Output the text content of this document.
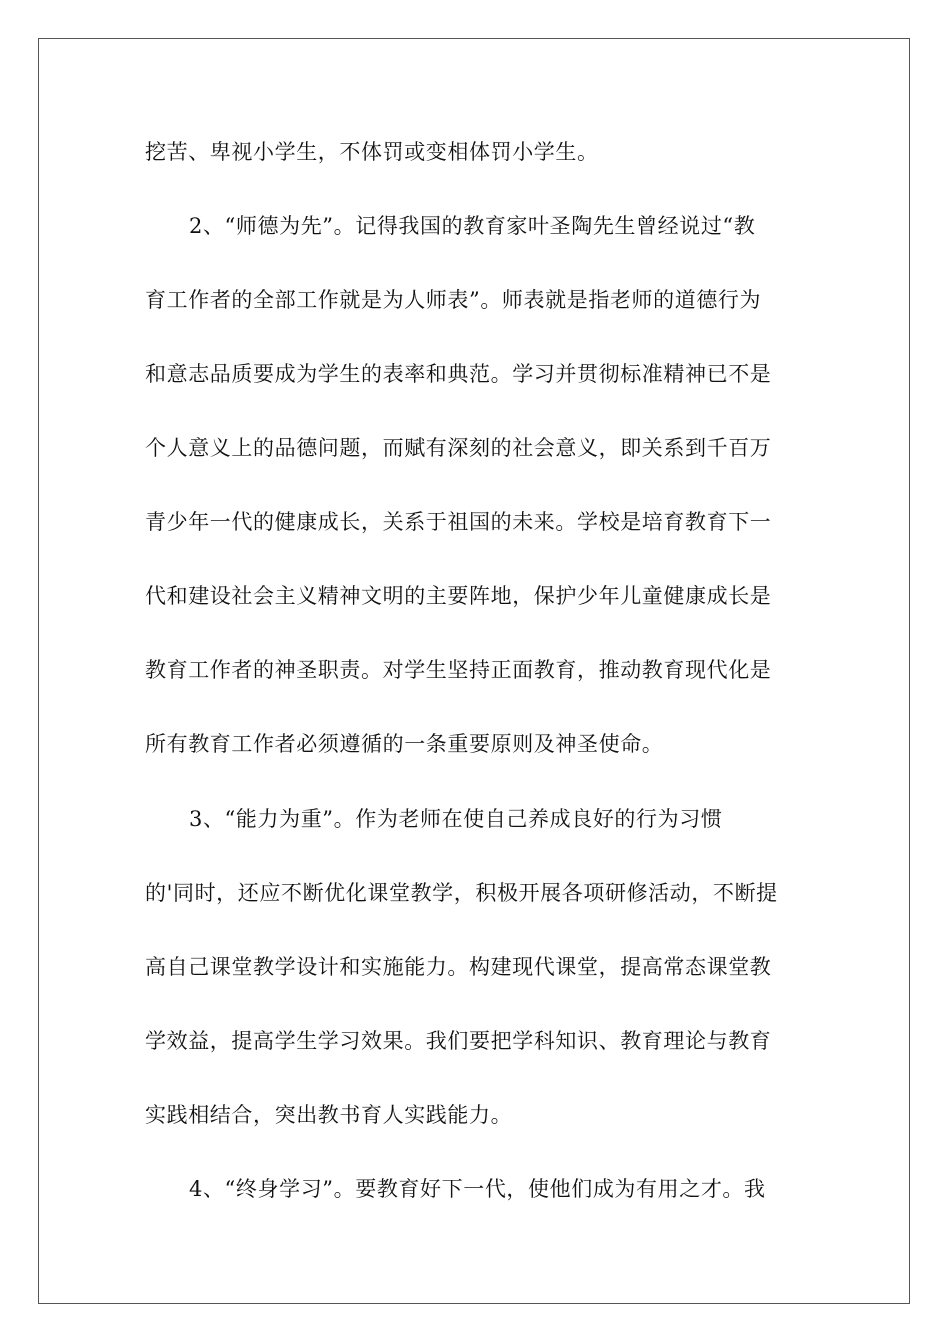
挖苦、卑视小学生，不体罚或变相体罚小学生。
2、“师德为先”。记得我国的教育家叶圣陶先生曾经说过“教
育工作者的全部工作就是为人师表”。师表就是指老师的道德行为
和意志品质要成为学生的表率和典范。学习并贯彻标准精神已不是
个人意义上的品德问题，而赋有深刻的社会意义，即关系到千百万
青少年一代的健康成长，关系于祖国的未来。学校是培育教育下一
代和建设社会主义精神文明的主要阵地，保护少年儿童健康成长是
教育工作者的神圣职责。对学生坚持正面教育，推动教育现代化是
所有教育工作者必须遵循的一条重要原则及神圣使命。
3、“能力为重”。作为老师在使自己养成良好的行为习惯
的'同时，还应不断优化课堂教学，积极开展各项研修活动，不断提
高自己课堂教学设计和实施能力。构建现代课堂，提高常态课堂教
学效益，提高学生学习效果。我们要把学科知识、教育理论与教育
实践相结合，突出教书育人实践能力。
4、“终身学习”。要教育好下一代，使他们成为有用之才。我
